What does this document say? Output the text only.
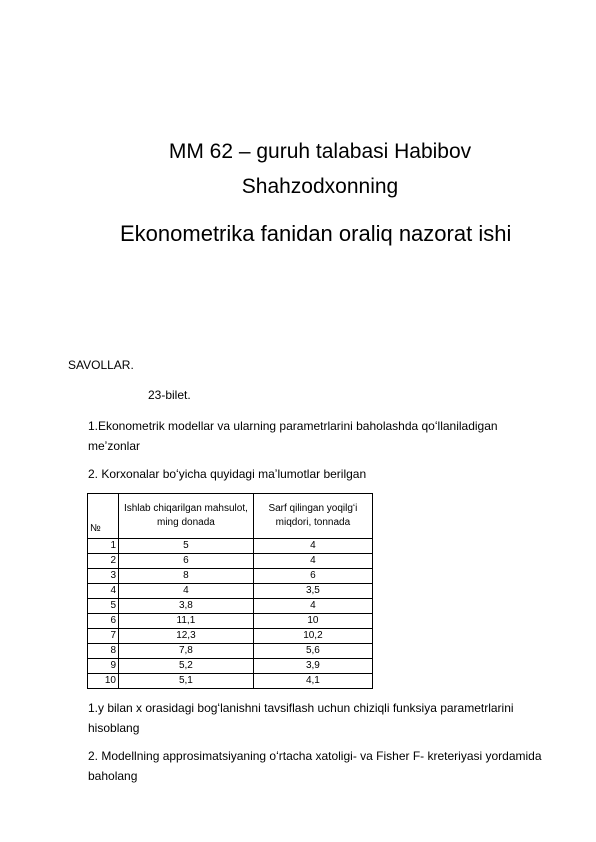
MM 62 – guruh talabasi Habibov
Shahzodxonning
Ekonometrika fanidan oraliq nazorat ishi
SAVOLLAR.
23-bilet.
1.Ekonometrik modellar va ularning parametrlarini baholashda qoʻllaniladigan meʼzonlar
2. Korxonalar boʻyicha quyidagi maʼlumotlar berilgan
№	Ishlab chiqarilgan mahsulot, ming donada	Sarf qilingan yoqilgʻi miqdori, tonnada
1	5	4
2	6	4
3	8	6
4	4	3,5
5	3,8	4
6	11,1	10
7	12,3	10,2
8	7,8	5,6
9	5,2	3,9
10	5,1	4,1
1.y bilan x orasidagi bogʻlanishni tavsiflash uchun chiziqli funksiya parametrlarini hisoblang
2. Modellning approsimatsiyaning oʻrtacha xatoligi- va Fisher F- kreteriyasi yordamida baholang
